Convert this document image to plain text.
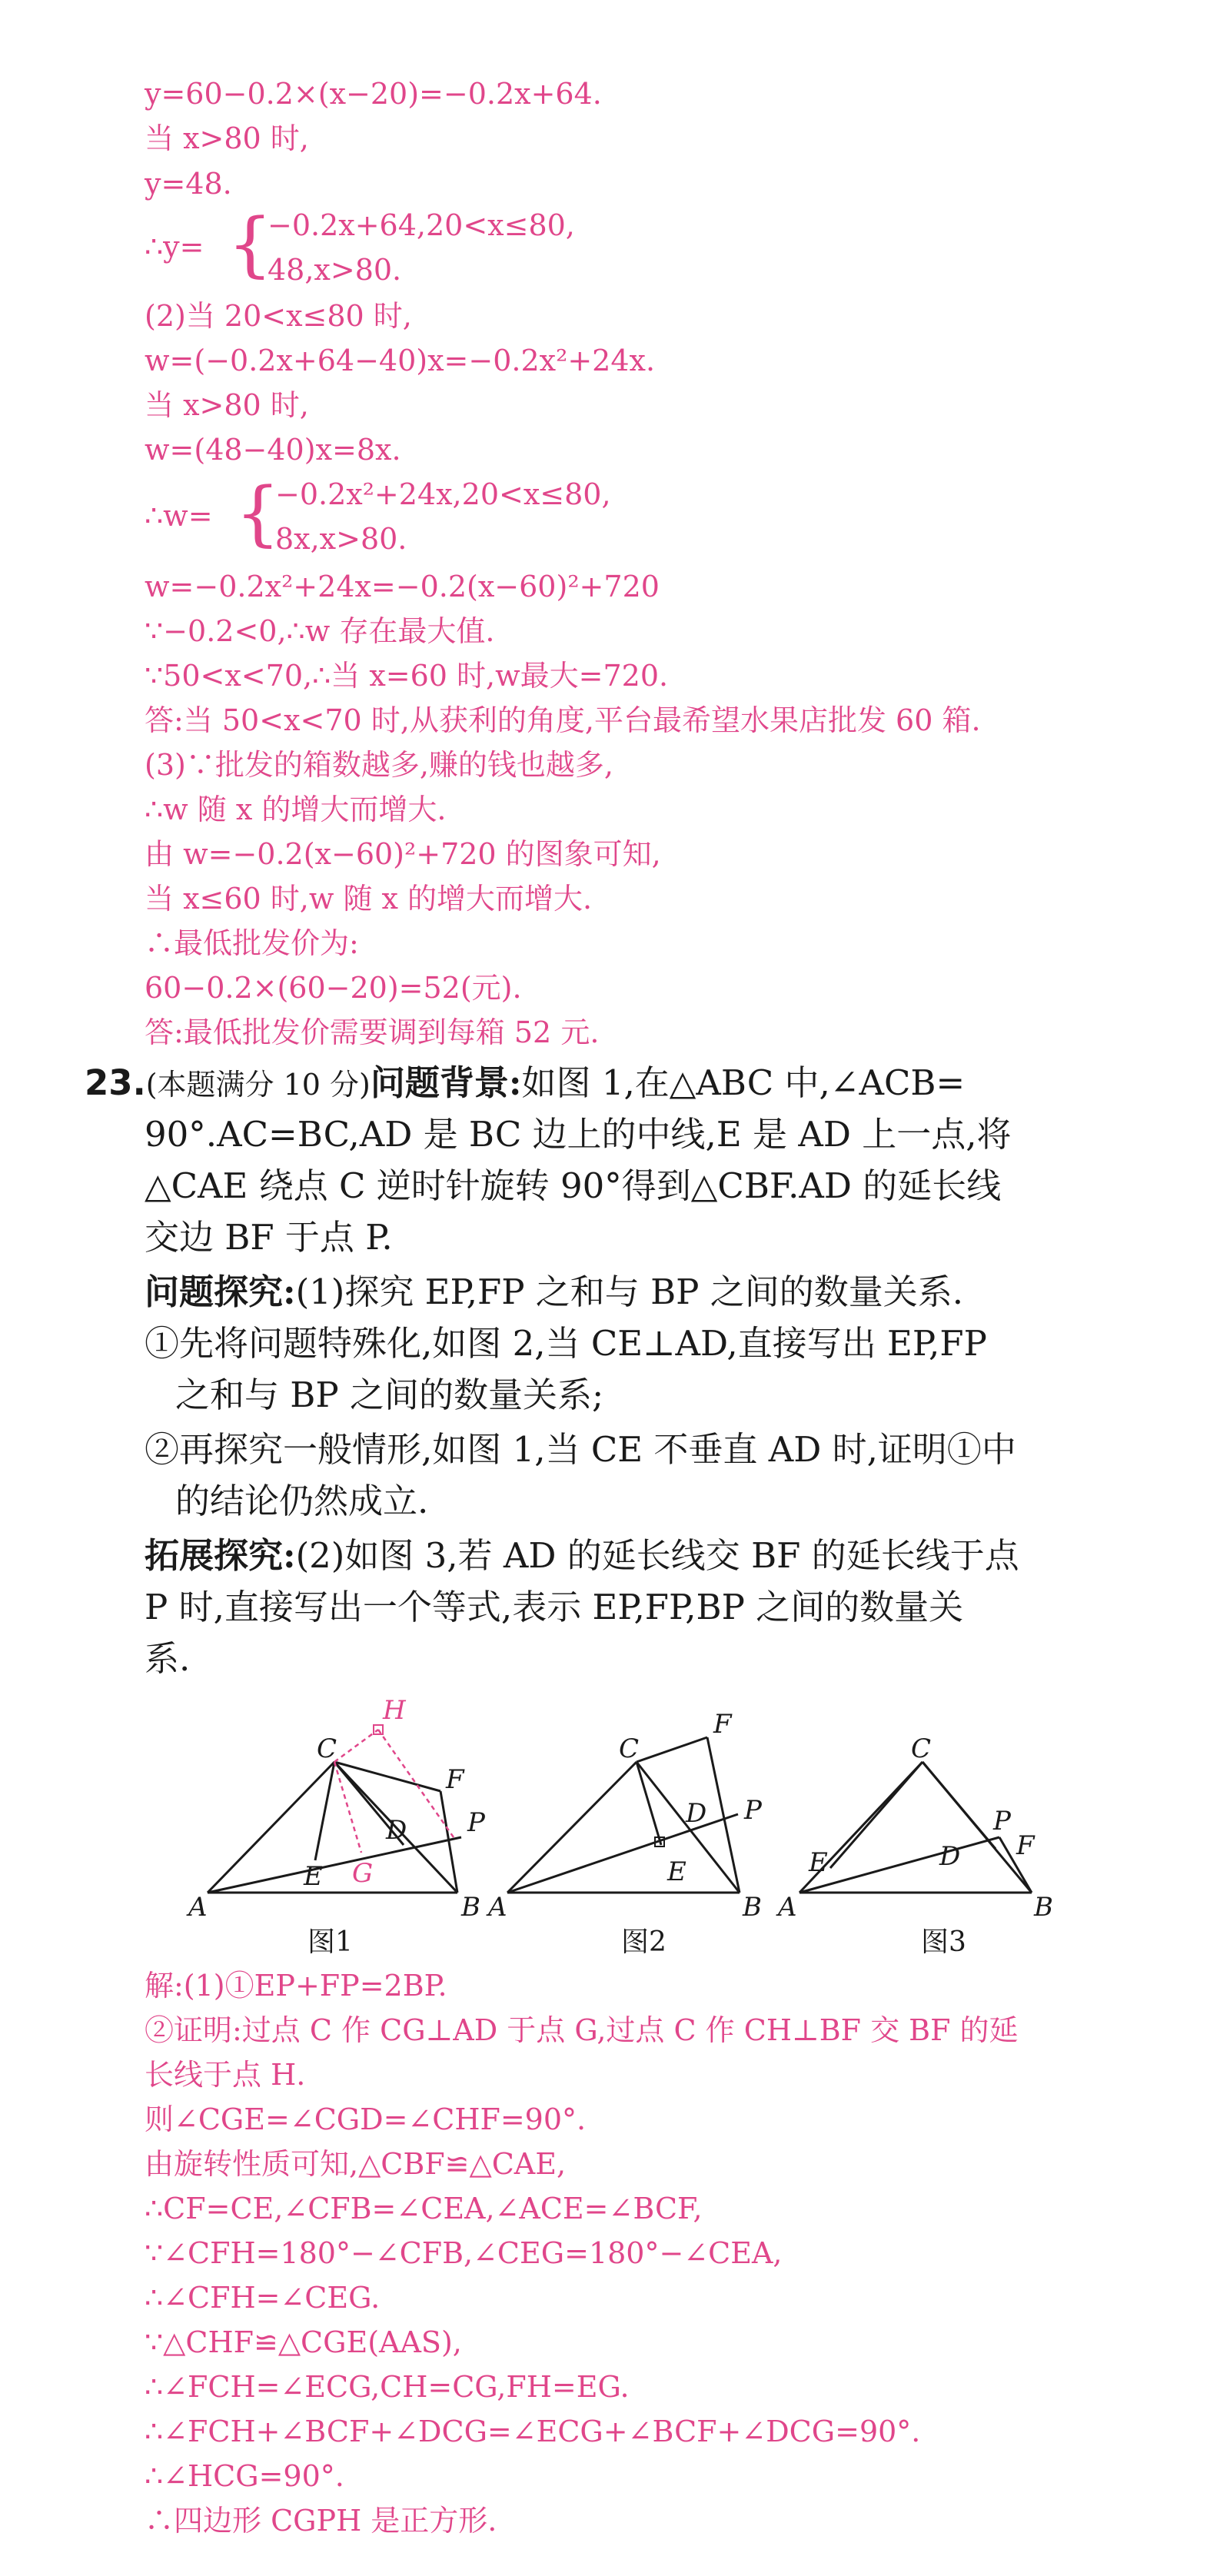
y=60−0.2×(x−20)=−0.2x+64.
当 x>80 时,
y=48.
∴y= {
−0.2x+64,20<x≤80,
48,x>80.
(2)当 20<x≤80 时,
w=(−0.2x+64−40)x=−0.2x²+24x.
当 x>80 时,
w=(48−40)x=8x.
∴w= {
−0.2x²+24x,20<x≤80,
8x,x>80.
w=−0.2x²+24x=−0.2(x−60)²+720
∵−0.2<0,∴w 存在最大值.
∵50<x<70,∴当 x=60 时,w最大=720.
答:当 50<x<70 时,从获利的角度,平台最希望水果店批发 60 箱.
(3)∵批发的箱数越多,赚的钱也越多,
∴w 随 x 的增大而增大.
由 w=−0.2(x−60)²+720 的图象可知,
当 x≤60 时,w 随 x 的增大而增大.
∴最低批发价为:
60−0.2×(60−20)=52(元).
答:最低批发价需要调到每箱 52 元.
23.(本题满分 10 分)问题背景:如图 1,在△ABC 中,∠ACB=
90°.AC=BC,AD 是 BC 边上的中线,E 是 AD 上一点,将
△CAE 绕点 C 逆时针旋转 90°得到△CBF.AD 的延长线
交边 BF 于点 P.
问题探究:(1)探究 EP,FP 之和与 BP 之间的数量关系.
①先将问题特殊化,如图 2,当 CE⊥AD,直接写出 EP,FP
之和与 BP 之间的数量关系;
②再探究一般情形,如图 1,当 CE 不垂直 AD 时,证明①中
的结论仍然成立.
拓展探究:(2)如图 3,若 AD 的延长线交 BF 的延长线于点
P 时,直接写出一个等式,表示 EP,FP,BP 之间的数量关
系.
A	B
C
D
E
F
P
G
H
A	B
C
D
E
F
P
A	B
C
D
E
F
P
图1	图2	图3
解:(1)①EP+FP=2BP.
②证明:过点 C 作 CG⊥AD 于点 G,过点 C 作 CH⊥BF 交 BF 的延
长线于点 H.
则∠CGE=∠CGD=∠CHF=90°.
由旋转性质可知,△CBF≌△CAE,
∴CF=CE,∠CFB=∠CEA,∠ACE=∠BCF,
∵∠CFH=180°−∠CFB,∠CEG=180°−∠CEA,
∴∠CFH=∠CEG.
∵△CHF≌△CGE(AAS),
∴∠FCH=∠ECG,CH=CG,FH=EG.
∴∠FCH+∠BCF+∠DCG=∠ECG+∠BCF+∠DCG=90°.
∴∠HCG=90°.
∴四边形 CGPH 是正方形.
